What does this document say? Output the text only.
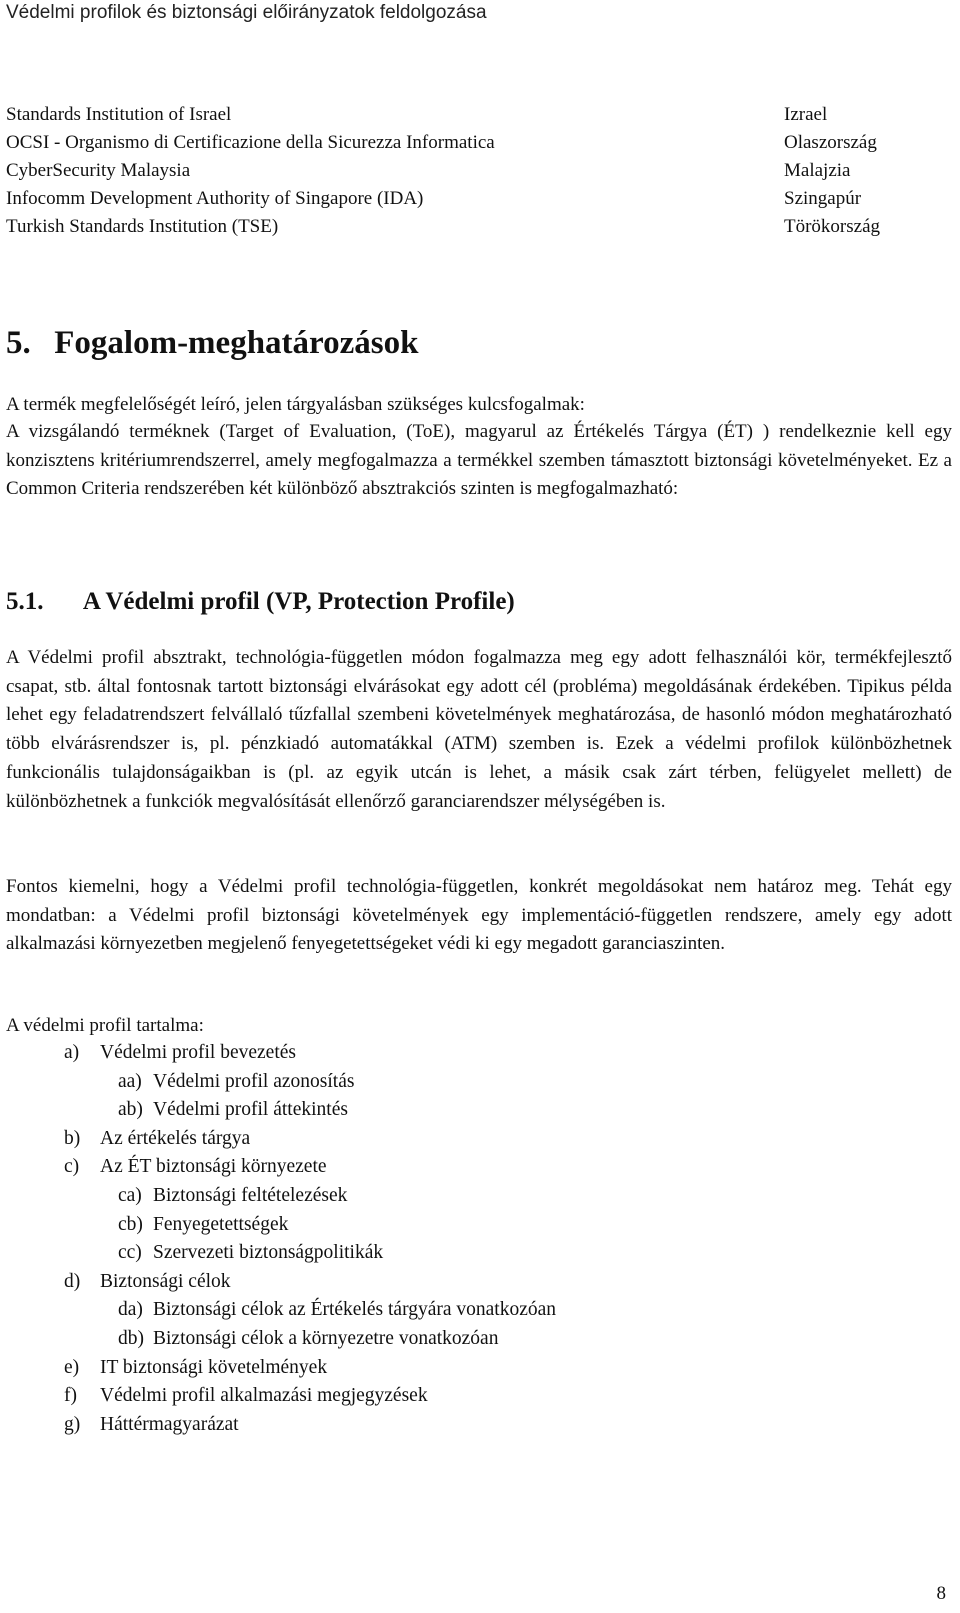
Védelmi profilok és biztonsági előirányzatok feldolgozása
Standards Institution of Israel	Izrael
OCSI - Organismo di Certificazione della Sicurezza Informatica	Olaszország
CyberSecurity Malaysia	Malajzia
Infocomm Development Authority of Singapore (IDA)	Szingapúr
Turkish Standards Institution (TSE)	Törökország
5. Fogalom-meghatározások

A termék megfelelőségét leíró, jelen tárgyalásban szükséges kulcsfogalmak:

A vizsgálandó terméknek (Target of Evaluation, (ToE), magyarul az Értékelés Tárgya (ÉT) ) rendelkeznie kell egy konzisztens kritériumrendszerrel, amely megfogalmazza a termékkel szemben támasztott biztonsági követelményeket. Ez a Common Criteria rendszerében két különböző absztrakciós szinten is megfogalmazható:

5.1. A Védelmi profil (VP, Protection Profile)

A Védelmi profil absztrakt, technológia-független módon fogalmazza meg egy adott felhasználói kör, termékfejlesztő csapat, stb. által fontosnak tartott biztonsági elvárásokat egy adott cél (probléma) megoldásának érdekében. Tipikus példa lehet egy feladatrendszert felvállaló tűzfallal szembeni követelmények meghatározása, de hasonló módon meghatározható több elvárásrendszer is, pl. pénzkiadó automatákkal (ATM) szemben is. Ezek a védelmi profilok különbözhetnek funkcionális tulajdonságaikban is (pl. az egyik utcán is lehet, a másik csak zárt térben, felügyelet mellett) de különbözhetnek a funkciók megvalósítását ellenőrző garanciarendszer mélységében is.

Fontos kiemelni, hogy a Védelmi profil technológia-független, konkrét megoldásokat nem határoz meg. Tehát egy mondatban: a Védelmi profil biztonsági követelmények egy implementáció-független rendszere, amely egy adott alkalmazási környezetben megjelenő fenyegetettségeket védi ki egy megadott garanciaszinten.

A védelmi profil tartalma:

a) Védelmi profil bevezetés
aa) Védelmi profil azonosítás
ab) Védelmi profil áttekintés
b) Az értékelés tárgya
c) Az ÉT biztonsági környezete
ca) Biztonsági feltételezések
cb) Fenyegetettségek
cc) Szervezeti biztonságpolitikák
d) Biztonsági célok
da) Biztonsági célok az Értékelés tárgyára vonatkozóan
db) Biztonsági célok a környezetre vonatkozóan
e) IT biztonsági követelmények
f) Védelmi profil alkalmazási megjegyzések
g) Háttérmagyarázat
8
